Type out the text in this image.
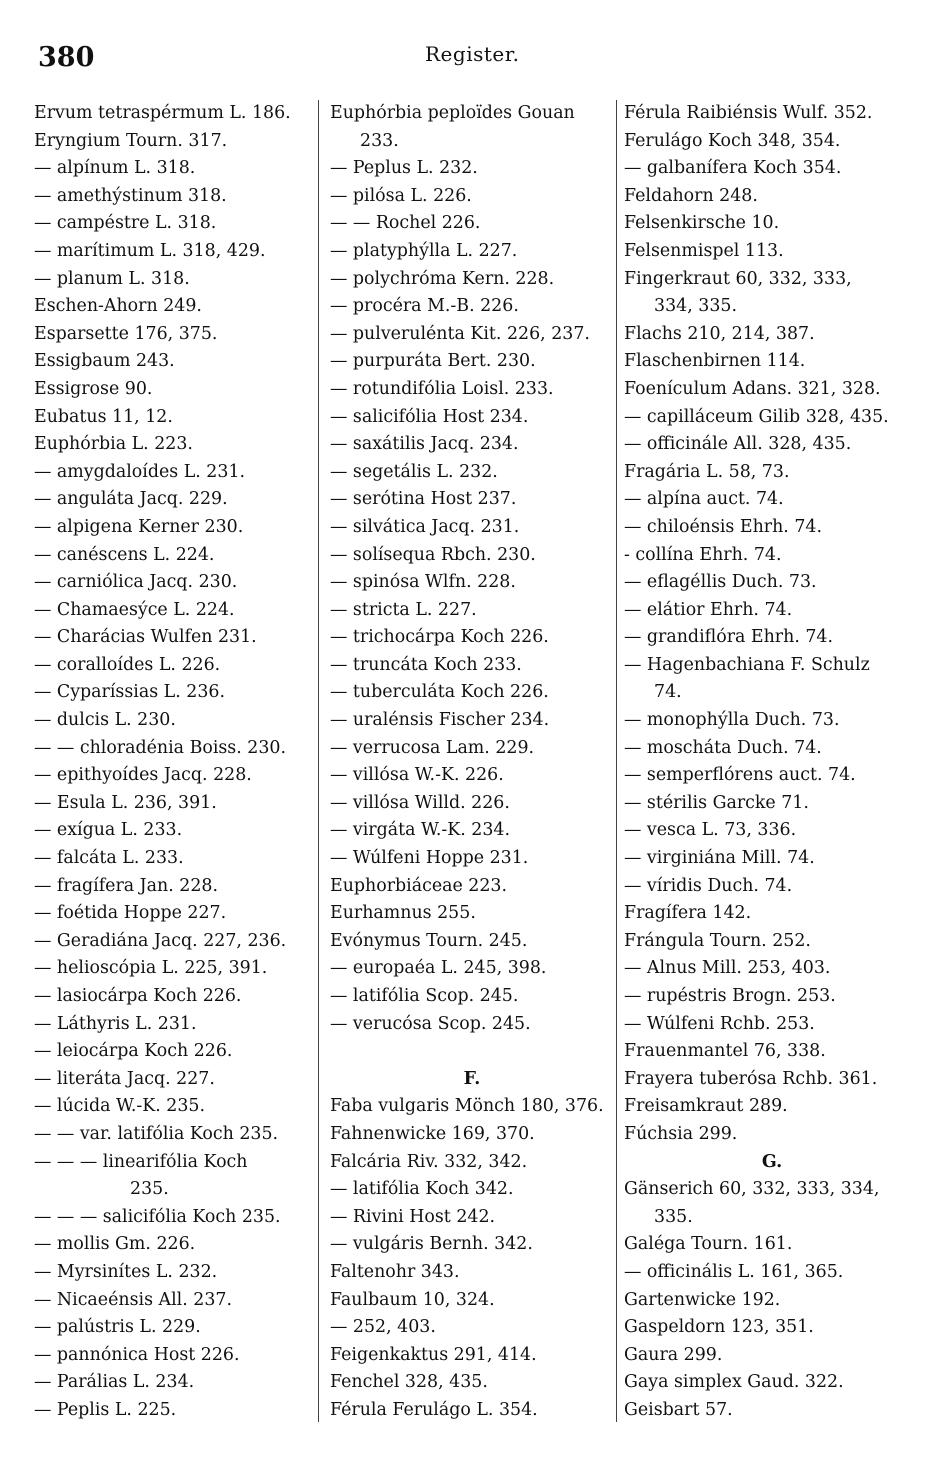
380	Register.
Ervum tetraspérmum L. 186.
Eryngium Tourn. 317.
— alpínum L. 318.
— amethýstinum 318.
— campéstre L. 318.
— marítimum L. 318, 429.
— planum L. 318.
Eschen-Ahorn 249.
Esparsette 176, 375.
Essigbaum 243.
Essigrose 90.
Eubatus 11, 12.
Euphórbia L. 223.
— amygdaloídes L. 231.
— anguláta Jacq. 229.
— alpigena Kerner 230.
— canéscens L. 224.
— carniólica Jacq. 230.
— Chamaesýce L. 224.
— Charácias Wulfen 231.
— coralloídes L. 226.
— Cyparíssias L. 236.
— dulcis L. 230.
— — chloradénia Boiss. 230.
— epithyoídes Jacq. 228.
— Esula L. 236, 391.
— exígua L. 233.
— falcáta L. 233.
— fragífera Jan. 228.
— foétida Hoppe 227.
— Geradiána Jacq. 227, 236.
— helioscópia L. 225, 391.
— lasiocárpa Koch 226.
— Láthyris L. 231.
— leiocárpa Koch 226.
— literáta Jacq. 227.
— lúcida W.-K. 235.
— — var. latifólia Koch 235.
— — — linearifólia Koch
235.
— — — salicifólia Koch 235.
— mollis Gm. 226.
— Myrsinítes L. 232.
— Nicaeénsis All. 237.
— palústris L. 229.
— pannónica Host 226.
— Parálias L. 234.
— Peplis L. 225.
Euphórbia peploïdes Gouan
233.
— Peplus L. 232.
— pilósa L. 226.
— — Rochel 226.
— platyphýlla L. 227.
— polychróma Kern. 228.
— procéra M.-B. 226.
— pulverulénta Kit. 226, 237.
— purpuráta Bert. 230.
— rotundifólia Loisl. 233.
— salicifólia Host 234.
— saxátilis Jacq. 234.
— segetális L. 232.
— serótina Host 237.
— silvática Jacq. 231.
— solísequa Rbch. 230.
— spinósa Wlfn. 228.
— stricta L. 227.
— trichocárpa Koch 226.
— truncáta Koch 233.
— tuberculáta Koch 226.
— uralénsis Fischer 234.
— verrucosa Lam. 229.
— villósa W.-K. 226.
— villósa Willd. 226.
— virgáta W.-K. 234.
— Wúlfeni Hoppe 231.
Euphorbiáceae 223.
Eurhamnus 255.
Evónymus Tourn. 245.
— europaéa L. 245, 398.
— latifólia Scop. 245.
— verucósa Scop. 245.

F.
Faba vulgaris Mönch 180, 376.
Fahnenwicke 169, 370.
Falcária Riv. 332, 342.
— latifólia Koch 342.
— Rivini Host 242.
— vulgáris Bernh. 342.
Faltenohr 343.
Faulbaum 10, 324.
— 252, 403.
Feigenkaktus 291, 414.
Fenchel 328, 435.
Férula Ferulágo L. 354.
Férula Raibiénsis Wulf. 352.
Ferulágo Koch 348, 354.
— galbanífera Koch 354.
Feldahorn 248.
Felsenkirsche 10.
Felsenmispel 113.
Fingerkraut 60, 332, 333,
334, 335.
Flachs 210, 214, 387.
Flaschenbirnen 114.
Foenículum Adans. 321, 328.
— capilláceum Gilib 328, 435.
— officinále All. 328, 435.
Fragária L. 58, 73.
— alpína auct. 74.
— chiloénsis Ehrh. 74.
- collína Ehrh. 74.
— eflagéllis Duch. 73.
— elátior Ehrh. 74.
— grandiflóra Ehrh. 74.
— Hagenbachiana F. Schulz
74.
— monophýlla Duch. 73.
— moscháta Duch. 74.
— semperflórens auct. 74.
— stérilis Garcke 71.
— vesca L. 73, 336.
— virginiána Mill. 74.
— víridis Duch. 74.
Fragífera 142.
Frángula Tourn. 252.
— Alnus Mill. 253, 403.
— rupéstris Brogn. 253.
— Wúlfeni Rchb. 253.
Frauenmantel 76, 338.
Frayera tuberósa Rchb. 361.
Freisamkraut 289.
Fúchsia 299.
G.
Gänserich 60, 332, 333, 334,
335.
Galéga Tourn. 161.
— officinális L. 161, 365.
Gartenwicke 192.
Gaspeldorn 123, 351.
Gaura 299.
Gaya simplex Gaud. 322.
Geisbart 57.
